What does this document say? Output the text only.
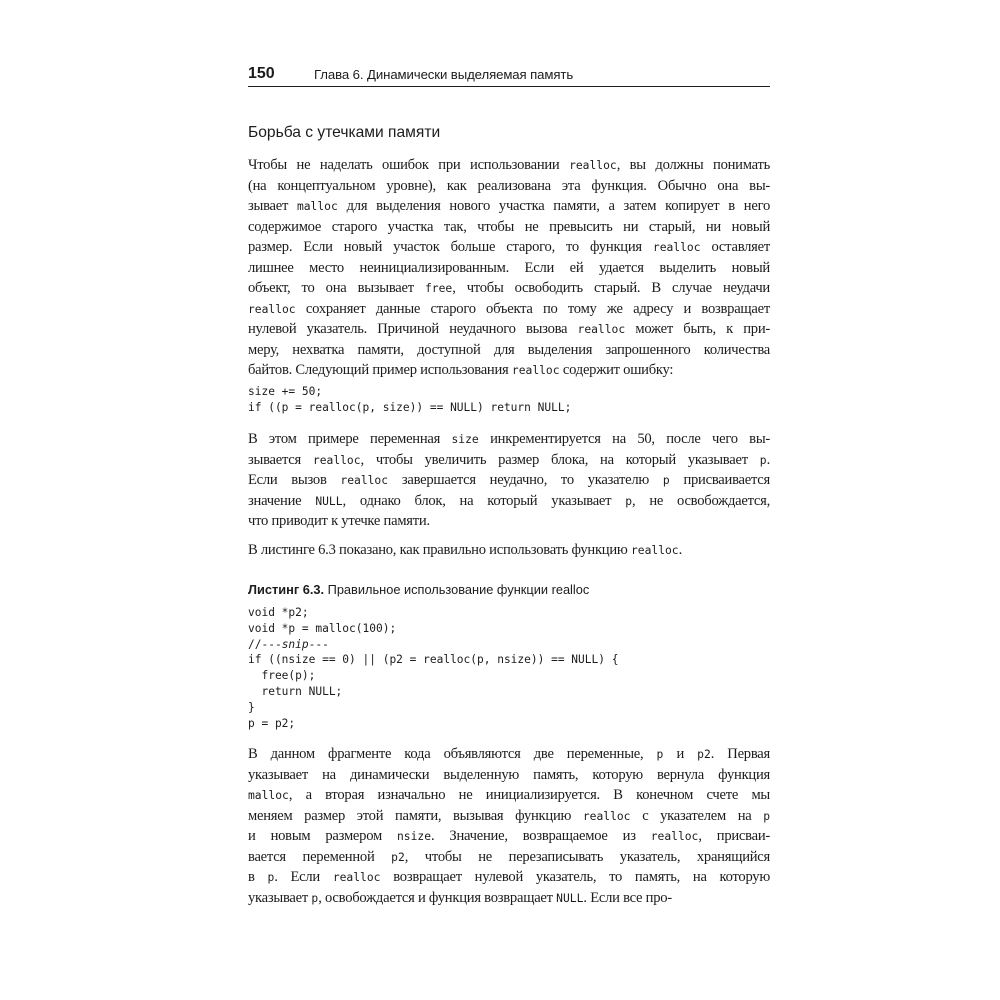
150	Глава 6. Динамически выделяемая память
Борьба с утечками памяти
Чтобы не наделать ошибок при использовании realloc, вы должны понимать
(на концептуальном уровне), как реализована эта функция. Обычно она вы-
зывает malloc для выделения нового участка памяти, а затем копирует в него
содержимое старого участка так, чтобы не превысить ни старый, ни новый
размер. Если новый участок больше старого, то функция realloc оставляет
лишнее место неинициализированным. Если ей удается выделить новый
объект, то она вызывает free, чтобы освободить старый. В случае неудачи
realloc сохраняет данные старого объекта по тому же адресу и возвращает
нулевой указатель. Причиной неудачного вызова realloc может быть, к при-
меру, нехватка памяти, доступной для выделения запрошенного количества
байтов. Следующий пример использования realloc содержит ошибку:
size += 50;
if ((p = realloc(p, size)) == NULL) return NULL;
В этом примере переменная size инкрементируется на 50, после чего вы-
зывается realloc, чтобы увеличить размер блока, на который указывает p.
Если вызов realloc завершается неудачно, то указателю p присваивается
значение NULL, однако блок, на который указывает p, не освобождается,
что приводит к утечке памяти.
В листинге 6.3 показано, как правильно использовать функцию realloc.
Листинг 6.3. Правильное использование функции realloc
void *p2;
void *p = malloc(100);
//---snip---
if ((nsize == 0) || (p2 = realloc(p, nsize)) == NULL) {
free(p);
return NULL;
}
p = p2;
В данном фрагменте кода объявляются две переменные, p и p2. Первая
указывает на динамически выделенную память, которую вернула функция
malloc, а вторая изначально не инициализируется. В конечном счете мы
меняем размер этой памяти, вызывая функцию realloc с указателем на p
и новым размером nsize. Значение, возвращаемое из realloc, присваи-
вается переменной p2, чтобы не перезаписывать указатель, хранящийся
в p. Если realloc возвращает нулевой указатель, то память, на которую
указывает p, освобождается и функция возвращает NULL. Если все про-
